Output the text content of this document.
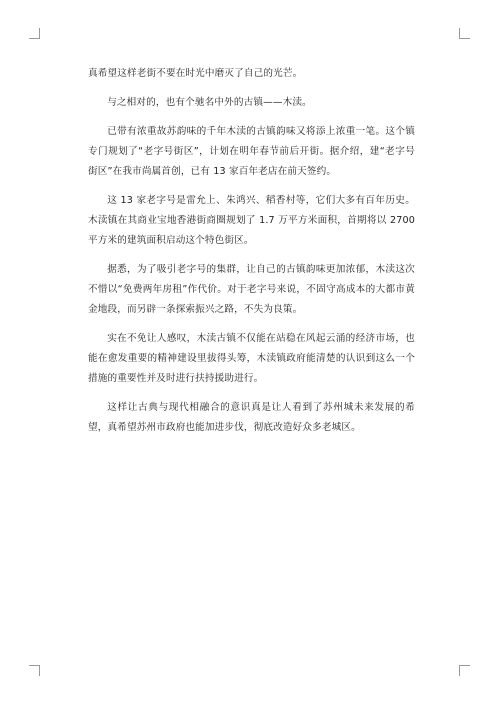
真希望这样老街不要在时光中磨灭了自己的光芒。

与之相对的，也有个驰名中外的古镇——木渎。

已带有浓重故苏韵味的千年木渎的古镇韵味又将添上浓重一笔。这个镇专门规划了“老字号街区”，计划在明年春节前后开街。据介绍，建“老字号街区”在我市尚属首创，已有 13 家百年老店在前天签约。

这 13 家老字号是雷允上、朱鸿兴、稻香村等，它们大多有百年历史。木渎镇在其商业宝地香港街商圈规划了 1.7 万平方米面积，首期将以 2700 平方米的建筑面积启动这个特色街区。

据悉，为了吸引老字号的集群，让自己的古镇韵味更加浓郁，木渎这次不惜以“免费两年房租”作代价。对于老字号来说，不固守高成本的大都市黄金地段，而另辟一条探索振兴之路，不失为良策。

实在不免让人感叹，木渎古镇不仅能在站稳在风起云涌的经济市场，也能在愈发重要的精神建设里拔得头筹，木渎镇政府能清楚的认识到这么一个措施的重要性并及时进行扶持援助进行。

这样让古典与现代相融合的意识真是让人看到了苏州城未来发展的希望，真希望苏州市政府也能加进步伐，彻底改造好众多老城区。
